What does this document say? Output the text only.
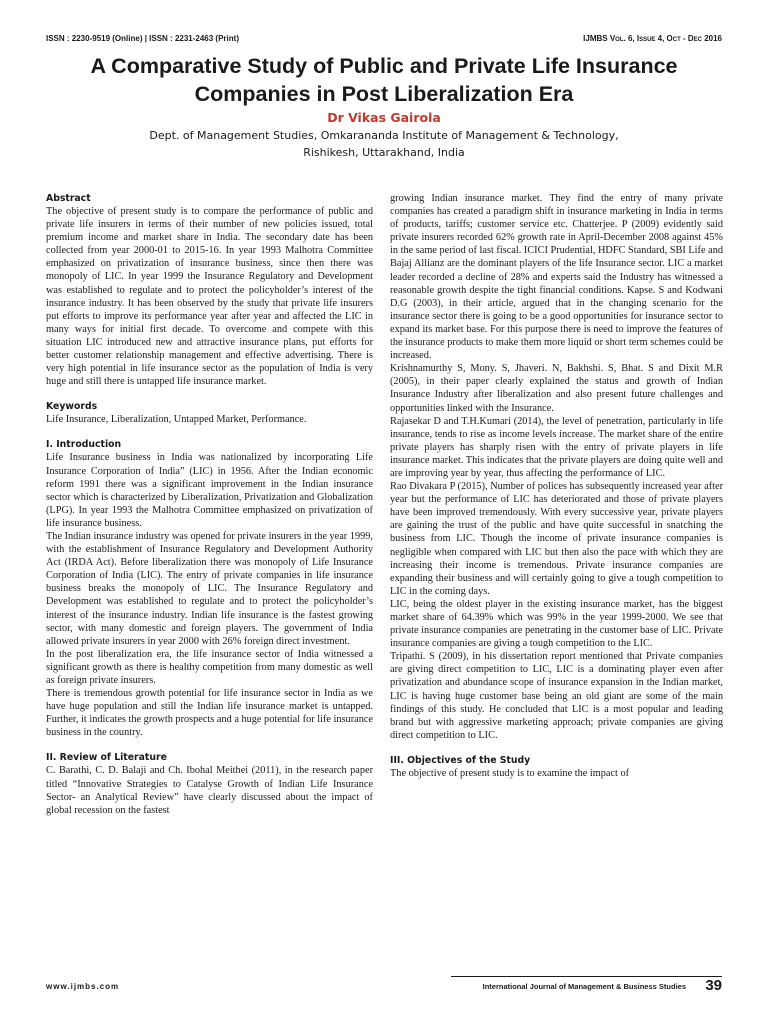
ISSN : 2230-9519 (Online) | ISSN : 2231-2463 (Print)	IJMBS Vol. 6, Issue 4, Oct - Dec 2016
A Comparative Study of Public and Private Life Insurance Companies in Post Liberalization Era
Dr Vikas Gairola
Dept. of Management Studies, Omkarananda Institute of Management & Technology,
Rishikesh, Uttarakhand, India
Abstract

The objective of present study is to compare the performance of public and private life insurers in terms of their number of new policies issued, total premium income and market share in India. The secondary date has been collected from year 2000-01 to 2015-16. In year 1993 Malhotra Committee emphasized on privatization of insurance business, since then there was monopoly of LIC. In year 1999 the Insurance Regulatory and Development was established to regulate and to protect the policyholder’s interest of the insurance industry. It has been observed by the study that private life insurers put efforts to improve its performance year after year and affected the LIC in many ways for initial first decade. To overcome and compete with this situation LIC introduced new and attractive insurance plans, put efforts for better customer relationship management and effective advertising. There is very high potential in life insurance sector as the population of India is very huge and still there is untapped life insurance market.

Keywords

Life Insurance, Liberalization, Untapped Market, Performance.

I. Introduction

Life Insurance business in India was nationalized by incorporating Life Insurance Corporation of India” (LIC) in 1956. After the Indian economic reform 1991 there was a significant improvement in the Indian insurance sector which is characterized by Liberalization, Privatization and Globalization (LPG). In year 1993 the Malhotra Committee emphasized on privatization of life insurance business.

The Indian insurance industry was opened for private insurers in the year 1999, with the establishment of Insurance Regulatory and Development Authority Act (IRDA Act). Before liberalization there was monopoly of Life Insurance Corporation of India (LIC). The entry of private companies in life insurance business breaks the monopoly of LIC. The Insurance Regulatory and Development was established to regulate and to protect the policyholder’s interest of the insurance industry. Indian life insurance is the fastest growing sector, with many domestic and foreign players. The government of India allowed private insurers in year 2000 with 26% foreign direct investment.

In the post liberalization era, the life insurance sector of India witnessed a significant growth as there is healthy competition from many domestic as well as foreign private insurers.

There is tremendous growth potential for life insurance sector in India as we have huge population and still the Indian life insurance market is untapped. Further, it indicates the growth prospects and a huge potential for life insurance business in the country.

II. Review of Literature

C. Barathi, C. D. Balaji and Ch. Ibohal Meithei (2011), in the research paper titled “Innovative Strategies to Catalyse Growth of Indian Life Insurance Sector- an Analytical Review” have clearly discussed about the impact of global recession on the fastest

growing Indian insurance market. They find the entry of many private companies has created a paradigm shift in insurance marketing in India in terms of products, tariffs; customer service etc. Chatterjee. P (2009) evidently said private insurers recorded 62% growth rate in April-December 2008 against 45% in the same period of last fiscal. ICICI Prudential, HDFC Standard, SBI Life and Bajaj Allianz are the dominant players of the life Insurance sector. LIC a market leader recorded a decline of 28% and experts said the Industry has witnessed a reasonable growth despite the tight financial conditions. Kapse. S and Kodwani D.G (2003), in their article, argued that in the changing scenario for the insurance sector there is going to be a good opportunities for insurance sector to expand its market base. For this purpose there is need to improve the features of the insurance products to make them more liquid or short term schemes could be increased.

Krishnamurthy S, Mony. S, Jhaveri. N, Bakhshi. S, Bhat. S and Dixit M.R (2005), in their paper clearly explained the status and growth of Indian Insurance Industry after liberalization and also present future challenges and opportunities linked with the Insurance.

Rajasekar D and T.H.Kumari (2014), the level of penetration, particularly in life insurance, tends to rise as income levels increase. The market share of the entire private players has sharply risen with the entry of private players in life insurance market. This indicates that the private players are doing quite well and are improving year by year, thus affecting the performance of LIC.

Rao Divakara P (2015), Number of polices has subsequently increased year after year but the performance of LIC has deteriorated and those of private players have been improved tremendously. With every successive year, private players are gaining the trust of the public and have quite successful in snatching the business from LIC. Though the income of private insurance companies is negligible when compared with LIC but then also the pace with which they are increasing their income is tremendous. Private insurance companies are expanding their business and will certainly going to give a tough competition to LIC in the coming days.

LIC, being the oldest player in the existing insurance market, has the biggest market share of 64.39% which was 99% in the year 1999-2000. We see that private insurance companies are penetrating in the customer base of LIC. Private insurance companies are giving a tough competition to the LIC.

Tripathi. S (2009), in his dissertation report mentioned that Private companies are giving direct competition to LIC, LIC is a dominating player even after privatization and abundance scope of insurance expansion in the Indian market, LIC is having huge customer base being an old giant are some of the main findings of this study. He concluded that LIC is a most popular and leading brand but with aggressive marketing approach; private companies are giving direct competition to LIC.

III. Objectives of the Study

The objective of present study is to examine the impact of

www.ijmbs.com	International Journal of Management & Business Studies 39
